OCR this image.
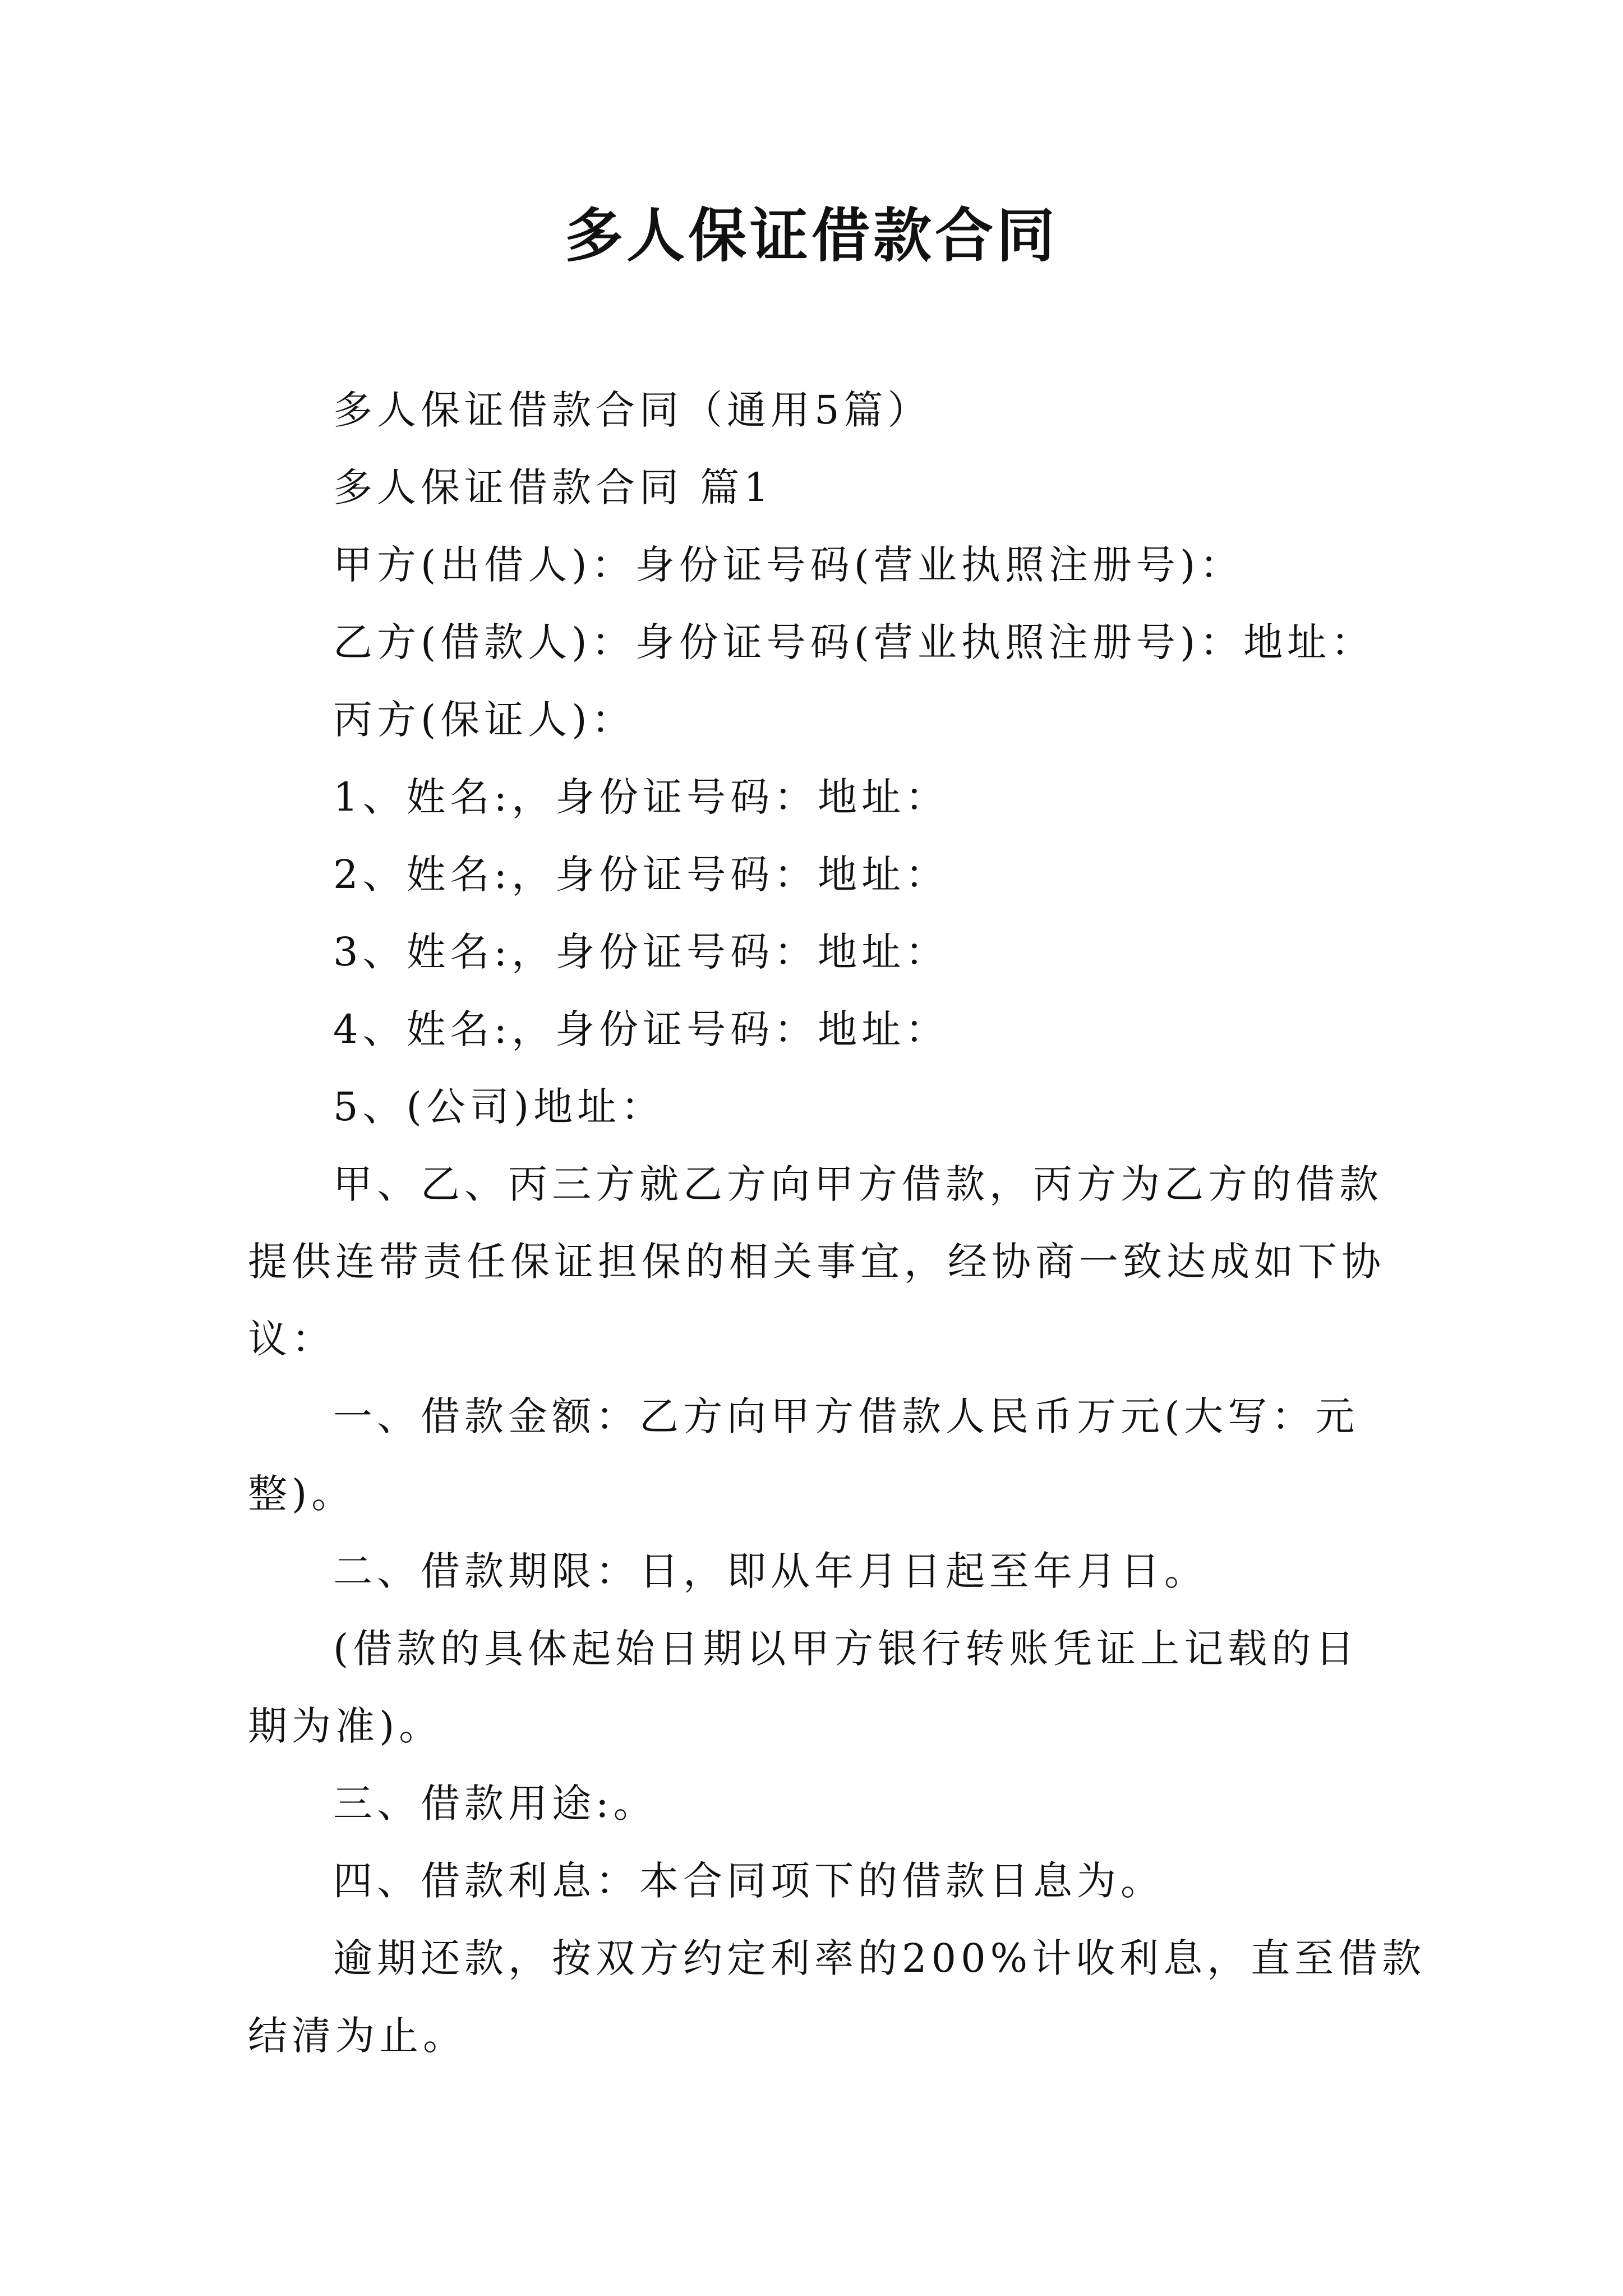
多人保证借款合同
多人保证借款合同（通用5篇）
多人保证借款合同 篇1
甲方(出借人)：身份证号码(营业执照注册号)：
乙方(借款人)：身份证号码(营业执照注册号)：地址：
丙方(保证人)：
1、姓名:，身份证号码：地址：
2、姓名:，身份证号码：地址：
3、姓名:，身份证号码：地址：
4、姓名:，身份证号码：地址：
5、(公司)地址：
甲、乙、丙三方就乙方向甲方借款，丙方为乙方的借款
提供连带责任保证担保的相关事宜，经协商一致达成如下协
议：
一、借款金额：乙方向甲方借款人民币万元(大写：元
整)。
二、借款期限：日，即从年月日起至年月日。
(借款的具体起始日期以甲方银行转账凭证上记载的日
期为准)。
三、借款用途:。
四、借款利息：本合同项下的借款日息为。
逾期还款，按双方约定利率的200%计收利息，直至借款
结清为止。
